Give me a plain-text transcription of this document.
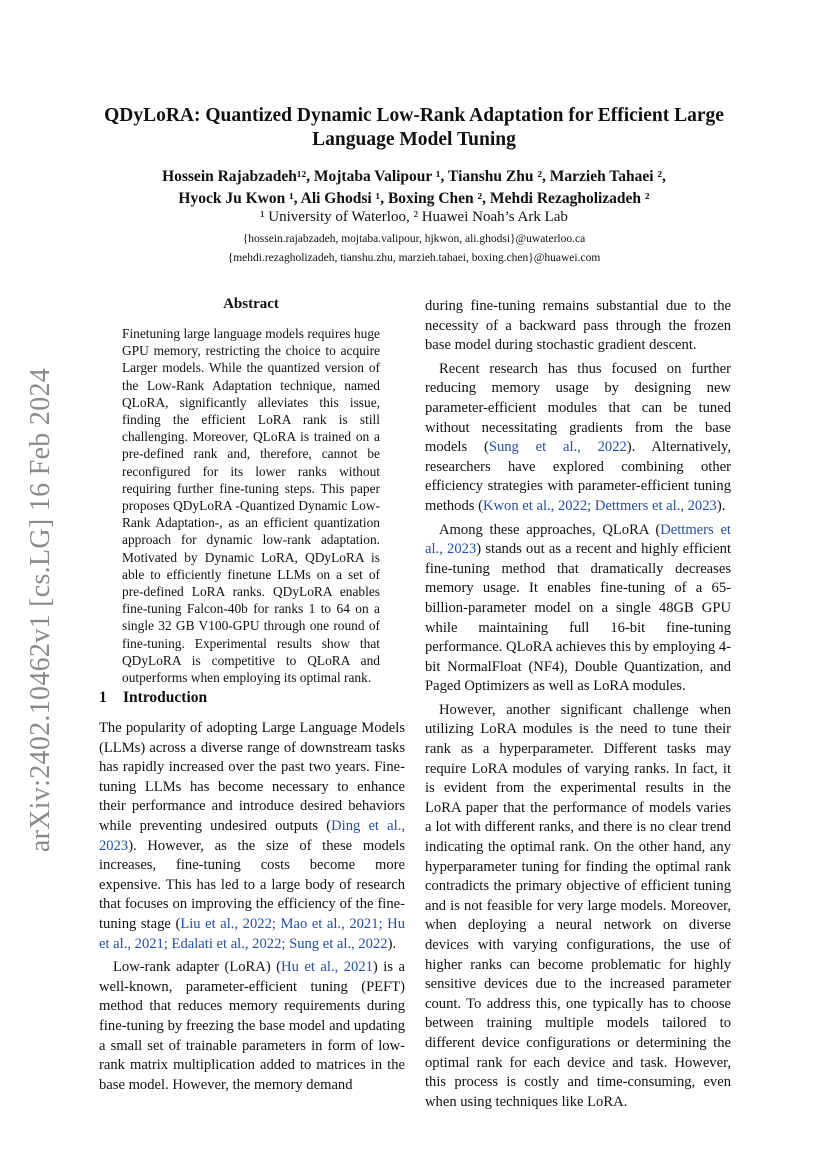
arXiv:2402.10462v1 [cs.LG] 16 Feb 2024
QDyLoRA: Quantized Dynamic Low-Rank Adaptation for Efficient Large Language Model Tuning
Hossein Rajabzadeh¹², Mojtaba Valipour ¹, Tianshu Zhu ², Marzieh Tahaei ²,
Hyock Ju Kwon ¹, Ali Ghodsi ¹, Boxing Chen ², Mehdi Rezagholizadeh ²
¹ University of Waterloo, ² Huawei Noah’s Ark Lab
{hossein.rajabzadeh, mojtaba.valipour, hjkwon, ali.ghodsi}@uwaterloo.ca
{mehdi.rezagholizadeh, tianshu.zhu, marzieh.tahaei, boxing.chen}@huawei.com
Abstract
Finetuning large language models requires huge GPU memory, restricting the choice to acquire Larger models. While the quantized version of the Low-Rank Adaptation technique, named QLoRA, significantly alleviates this issue, finding the efficient LoRA rank is still challenging. Moreover, QLoRA is trained on a pre-defined rank and, therefore, cannot be reconfigured for its lower ranks without requiring further fine-tuning steps. This paper proposes QDyLoRA -Quantized Dynamic Low-Rank Adaptation-, as an efficient quantization approach for dynamic low-rank adaptation. Motivated by Dynamic LoRA, QDyLoRA is able to efficiently finetune LLMs on a set of pre-defined LoRA ranks. QDyLoRA enables fine-tuning Falcon-40b for ranks 1 to 64 on a single 32 GB V100-GPU through one round of fine-tuning. Experimental results show that QDyLoRA is competitive to QLoRA and outperforms when employing its optimal rank.
1 Introduction

The popularity of adopting Large Language Models (LLMs) across a diverse range of downstream tasks has rapidly increased over the past two years. Fine-tuning LLMs has become necessary to enhance their performance and introduce desired behaviors while preventing undesired outputs (Ding et al., 2023). However, as the size of these models increases, fine-tuning costs become more expensive. This has led to a large body of research that focuses on improving the efficiency of the fine-tuning stage (Liu et al., 2022; Mao et al., 2021; Hu et al., 2021; Edalati et al., 2022; Sung et al., 2022).

Low-rank adapter (LoRA) (Hu et al., 2021) is a well-known, parameter-efficient tuning (PEFT) method that reduces memory requirements during fine-tuning by freezing the base model and updating a small set of trainable parameters in form of low-rank matrix multiplication added to matrices in the base model. However, the memory demand

during fine-tuning remains substantial due to the necessity of a backward pass through the frozen base model during stochastic gradient descent.

Recent research has thus focused on further reducing memory usage by designing new parameter-efficient modules that can be tuned without necessitating gradients from the base models (Sung et al., 2022). Alternatively, researchers have explored combining other efficiency strategies with parameter-efficient tuning methods (Kwon et al., 2022; Dettmers et al., 2023).

Among these approaches, QLoRA (Dettmers et al., 2023) stands out as a recent and highly efficient fine-tuning method that dramatically decreases memory usage. It enables fine-tuning of a 65-billion-parameter model on a single 48GB GPU while maintaining full 16-bit fine-tuning performance. QLoRA achieves this by employing 4-bit NormalFloat (NF4), Double Quantization, and Paged Optimizers as well as LoRA modules.

However, another significant challenge when utilizing LoRA modules is the need to tune their rank as a hyperparameter. Different tasks may require LoRA modules of varying ranks. In fact, it is evident from the experimental results in the LoRA paper that the performance of models varies a lot with different ranks, and there is no clear trend indicating the optimal rank. On the other hand, any hyperparameter tuning for finding the optimal rank contradicts the primary objective of efficient tuning and is not feasible for very large models. Moreover, when deploying a neural network on diverse devices with varying configurations, the use of higher ranks can become problematic for highly sensitive devices due to the increased parameter count. To address this, one typically has to choose between training multiple models tailored to different device configurations or determining the optimal rank for each device and task. However, this process is costly and time-consuming, even when using techniques like LoRA.
